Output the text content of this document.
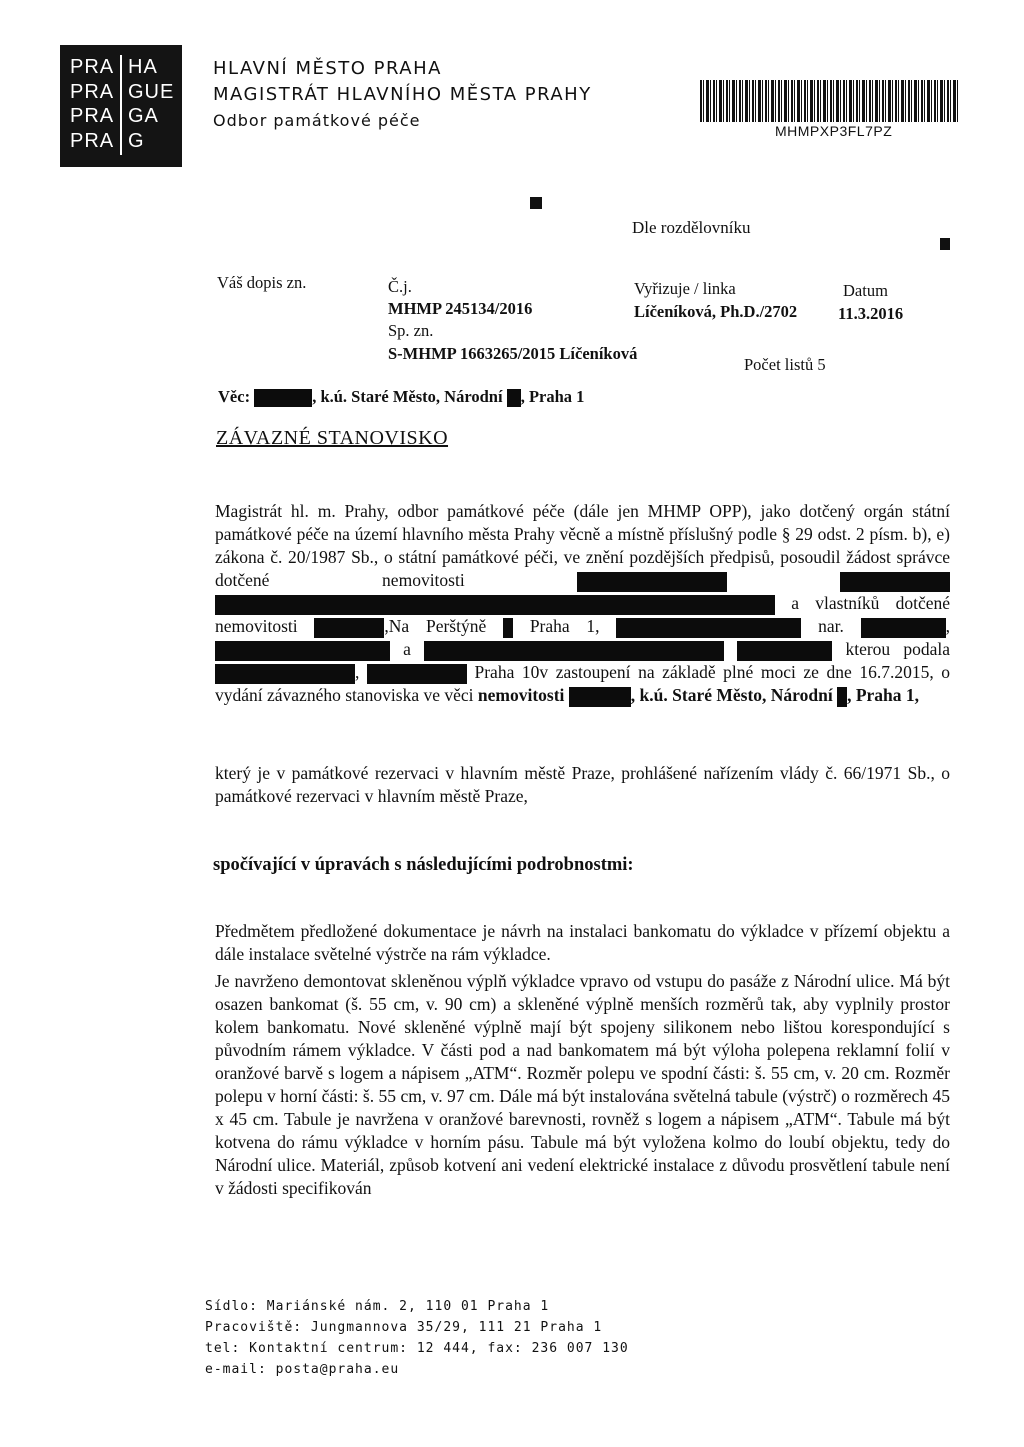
PRA
PRA
PRA
PRA
HA
GUE
GA
G
HLAVNÍ MĚSTO PRAHA
MAGISTRÁT HLAVNÍHO MĚSTA PRAHY
Odbor památkové péče
MHMPXP3FL7PZ
Dle rozdělovníku
Váš dopis zn.	Č.j.
MHMP 245134/2016
Sp. zn.
S-MHMP 1663265/2015 Líčeníková
Vyřizuje / linka
Líčeníková, Ph.D./2702
Datum
11.3.2016
Počet listů 5
Věc:	, k.ú. Staré Město, Národní , Praha 1
ZÁVAZNÉ STANOVISKO
Magistrát hl. m. Prahy, odbor památkové péče (dále jen MHMP OPP), jako dotčený orgán státní památkové péče na území hlavního města Prahy věcně a místně příslušný podle § 29 odst. 2 písm. b), e) zákona č. 20/1987 Sb., o státní památkové péči, ve znění pozdějších předpisů, posoudil žádost správce dotčené nemovitosti    a vlastníků dotčené nemovitosti	,Na Perštýně Praha 1,	nar.	,  a	kterou podala ,	Praha 10v zastoupení na základě plné moci ze dne 16.7.2015, o vydání závazného stanoviska ve věci nemovitosti	, k.ú. Staré Město, Národní , Praha 1,
který je v památkové rezervaci v hlavním městě Praze, prohlášené nařízením vlády č. 66/1971 Sb., o památkové rezervaci v hlavním městě Praze,
spočívající v úpravách s následujícími podrobnostmi:
Předmětem předložené dokumentace je návrh na instalaci bankomatu do výkladce v přízemí objektu a dále instalace světelné výstrče na rám výkladce.
Je navrženo demontovat skleněnou výplň výkladce vpravo od vstupu do pasáže z Národní ulice. Má být osazen bankomat (š. 55 cm, v. 90 cm) a skleněné výplně menších rozměrů tak, aby vyplnily prostor kolem bankomatu. Nové skleněné výplně mají být spojeny silikonem nebo lištou korespondující s původním rámem výkladce. V části pod a nad bankomatem má být výloha polepena reklamní folií v oranžové barvě s logem a nápisem „ATM“. Rozměr polepu ve spodní části: š. 55 cm, v. 20 cm. Rozměr polepu v horní části: š. 55 cm, v. 97 cm. Dále má být instalována světelná tabule (výstrč) o rozměrech 45 x 45 cm. Tabule je navržena v oranžové barevnosti, rovněž s logem a nápisem „ATM“. Tabule má být kotvena do rámu výkladce v horním pásu. Tabule má být vyložena kolmo do loubí objektu, tedy do Národní ulice. Materiál, způsob kotvení ani vedení elektrické instalace z důvodu prosvětlení tabule není v žádosti specifikován
Sídlo: Mariánské nám. 2, 110 01 Praha 1
Pracoviště: Jungmannova 35/29, 111 21 Praha 1
tel: Kontaktní centrum: 12 444, fax: 236 007 130
e-mail: posta@praha.eu
